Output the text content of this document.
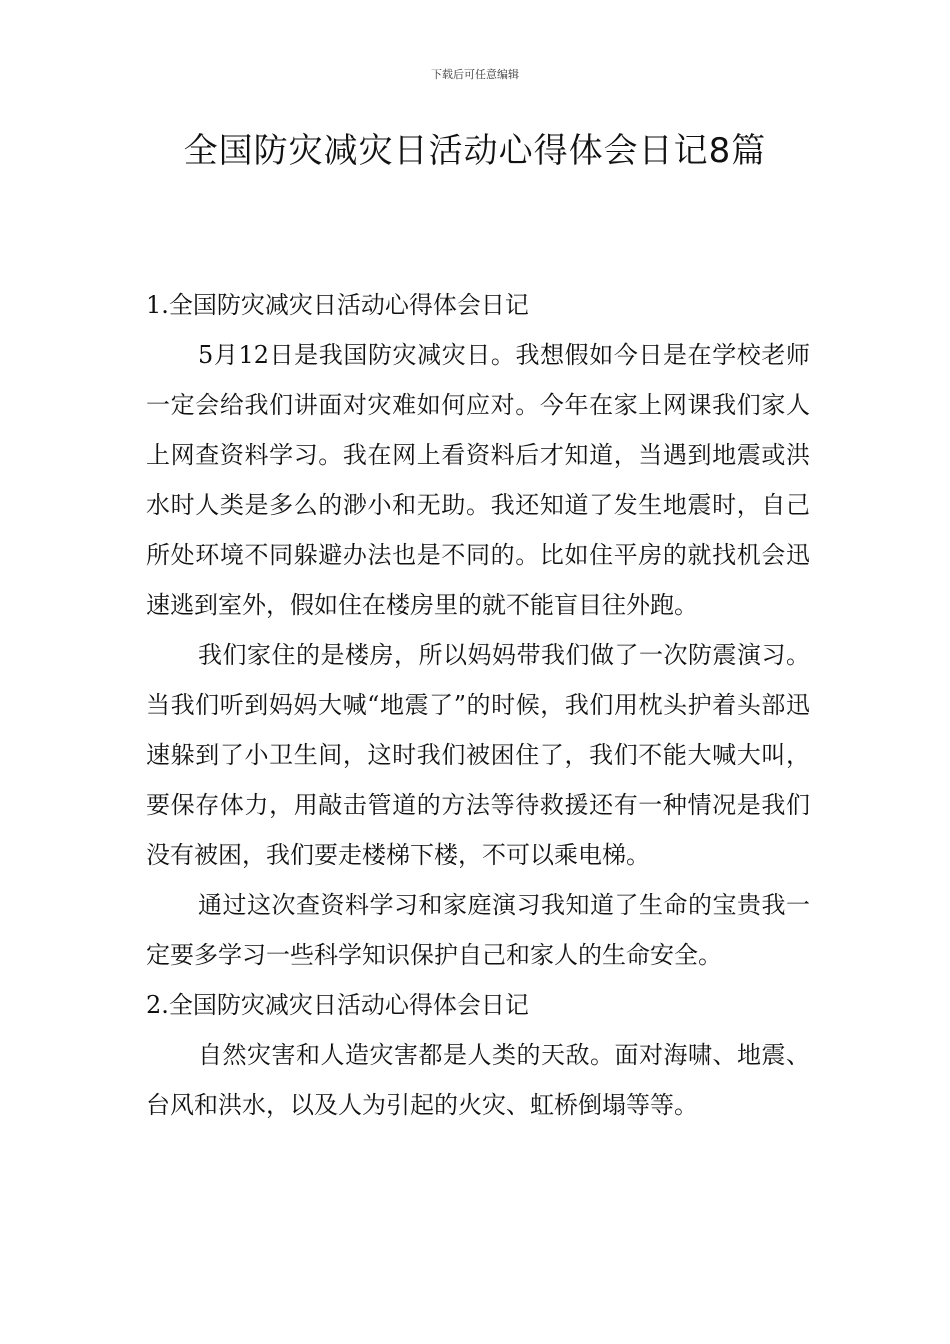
下载后可任意编辑
全国防灾减灾日活动心得体会日记8篇

1.全国防灾减灾日活动心得体会日记

5月12日是我国防灾减灾日。我想假如今日是在学校老师一定会给我们讲面对灾难如何应对。今年在家上网课我们家人上网查资料学习。我在网上看资料后才知道，当遇到地震或洪水时人类是多么的渺小和无助。我还知道了发生地震时，自己所处环境不同躲避办法也是不同的。比如住平房的就找机会迅速逃到室外，假如住在楼房里的就不能盲目往外跑。

我们家住的是楼房，所以妈妈带我们做了一次防震演习。当我们听到妈妈大喊“地震了”的时候，我们用枕头护着头部迅速躲到了小卫生间，这时我们被困住了，我们不能大喊大叫，要保存体力，用敲击管道的方法等待救援还有一种情况是我们没有被困，我们要走楼梯下楼，不可以乘电梯。

通过这次查资料学习和家庭演习我知道了生命的宝贵我一定要多学习一些科学知识保护自己和家人的生命安全。

2.全国防灾减灾日活动心得体会日记

自然灾害和人造灾害都是人类的天敌。面对海啸、地震、台风和洪水，以及人为引起的火灾、虹桥倒塌等等。
